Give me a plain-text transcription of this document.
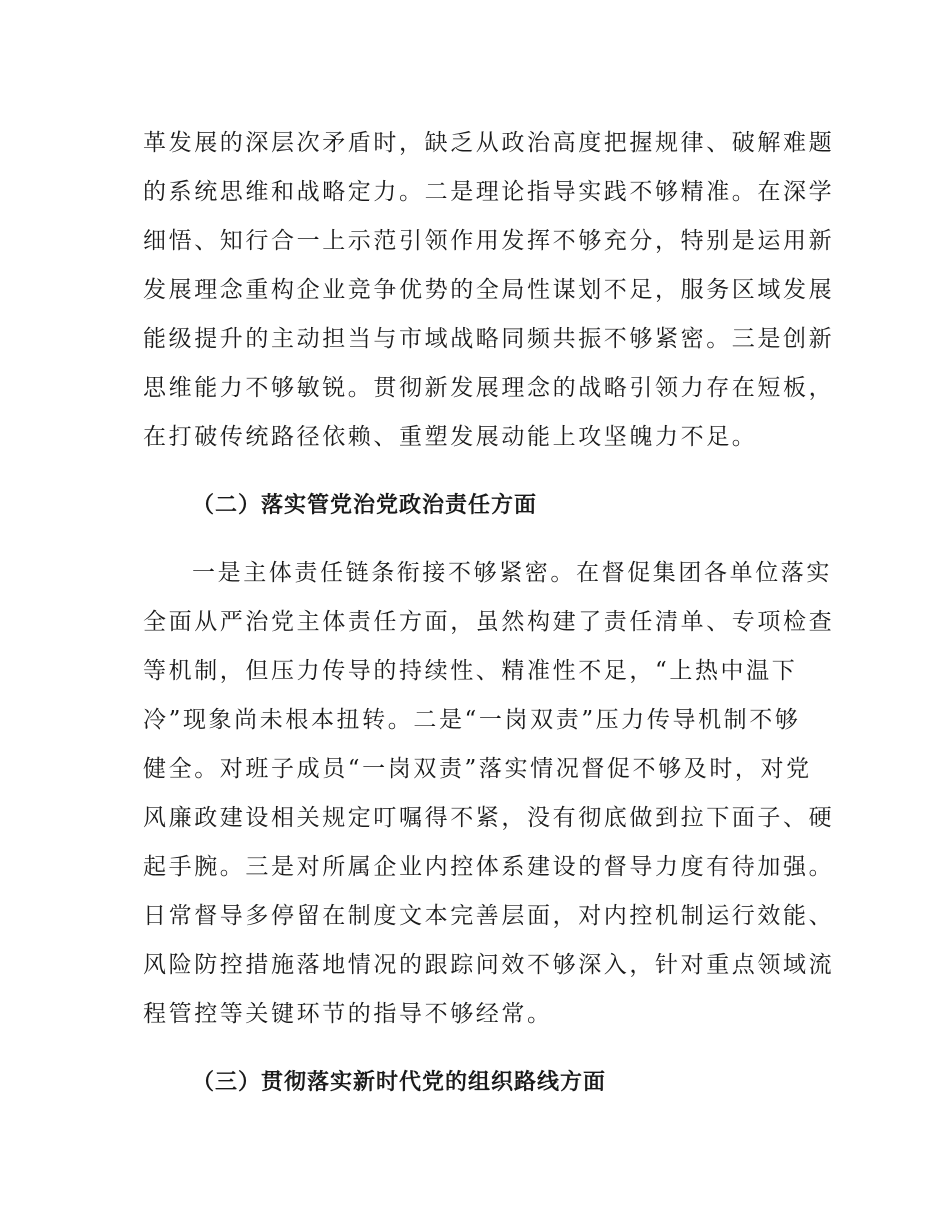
革发展的深层次矛盾时，缺乏从政治高度把握规律、破解难题
的系统思维和战略定力。二是理论指导实践不够精准。在深学
细悟、知行合一上示范引领作用发挥不够充分，特别是运用新
发展理念重构企业竞争优势的全局性谋划不足，服务区域发展
能级提升的主动担当与市域战略同频共振不够紧密。三是创新
思维能力不够敏锐。贯彻新发展理念的战略引领力存在短板，
在打破传统路径依赖、重塑发展动能上攻坚魄力不足。
（二）落实管党治党政治责任方面
一是主体责任链条衔接不够紧密。在督促集团各单位落实
全面从严治党主体责任方面，虽然构建了责任清单、专项检查
等机制，但压力传导的持续性、精准性不足，“上热中温下
冷”现象尚未根本扭转。二是“一岗双责”压力传导机制不够
健全。对班子成员“一岗双责”落实情况督促不够及时，对党
风廉政建设相关规定叮嘱得不紧，没有彻底做到拉下面子、硬
起手腕。三是对所属企业内控体系建设的督导力度有待加强。
日常督导多停留在制度文本完善层面，对内控机制运行效能、
风险防控措施落地情况的跟踪问效不够深入，针对重点领域流
程管控等关键环节的指导不够经常。
（三）贯彻落实新时代党的组织路线方面
